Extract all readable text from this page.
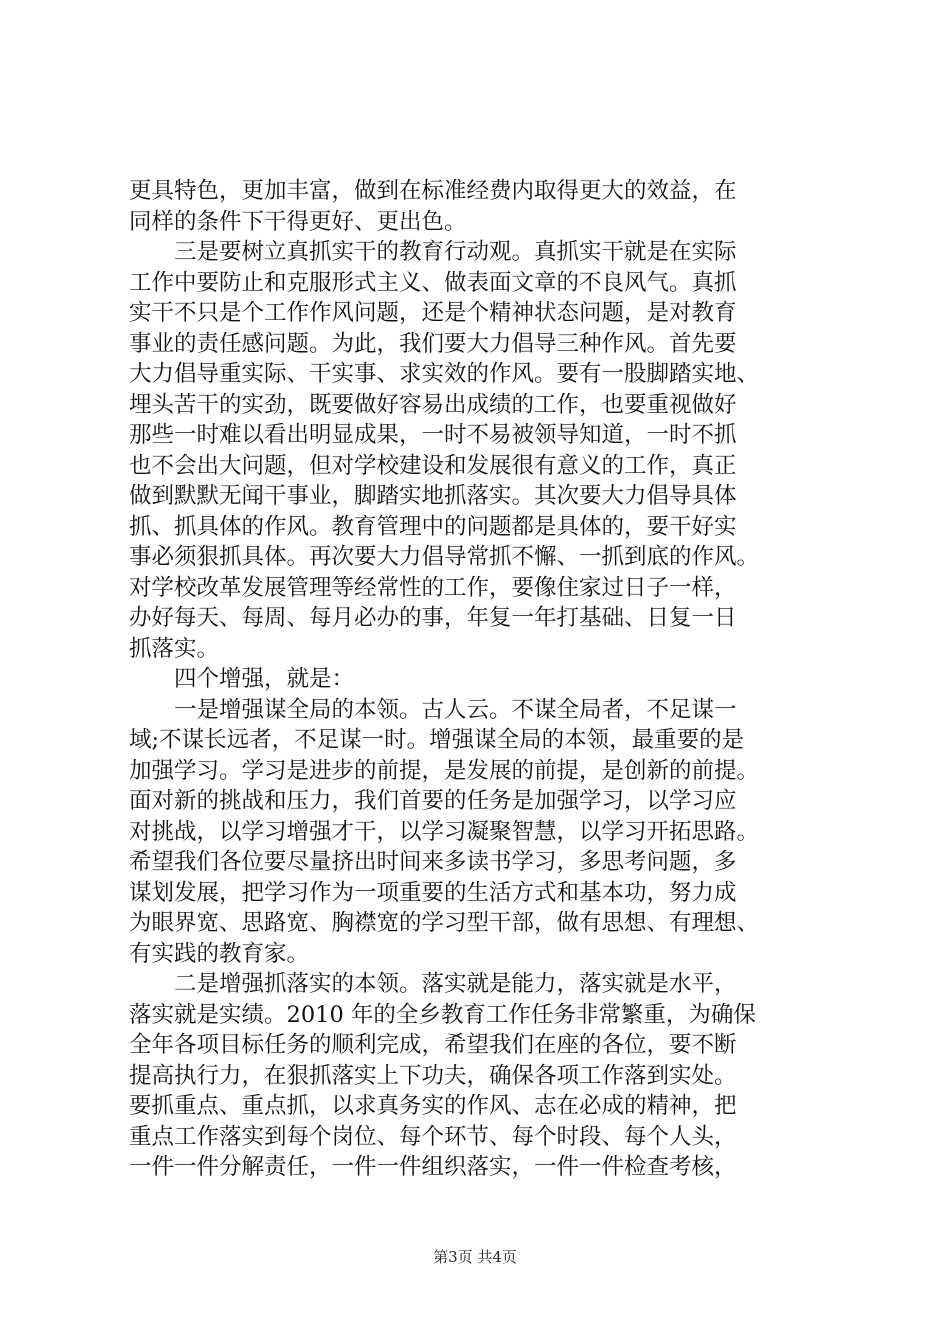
更具特色，更加丰富，做到在标准经费内取得更大的效益，在
同样的条件下干得更好、更出色。
　　三是要树立真抓实干的教育行动观。真抓实干就是在实际
工作中要防止和克服形式主义、做表面文章的不良风气。真抓
实干不只是个工作作风问题，还是个精神状态问题，是对教育
事业的责任感问题。为此，我们要大力倡导三种作风。首先要
大力倡导重实际、干实事、求实效的作风。要有一股脚踏实地、
埋头苦干的实劲，既要做好容易出成绩的工作，也要重视做好
那些一时难以看出明显成果，一时不易被领导知道，一时不抓
也不会出大问题，但对学校建设和发展很有意义的工作，真正
做到默默无闻干事业，脚踏实地抓落实。其次要大力倡导具体
抓、抓具体的作风。教育管理中的问题都是具体的，要干好实
事必须狠抓具体。再次要大力倡导常抓不懈、一抓到底的作风。
对学校改革发展管理等经常性的工作，要像住家过日子一样，
办好每天、每周、每月必办的事，年复一年打基础、日复一日
抓落实。
　　四个增强，就是：
　　一是增强谋全局的本领。古人云。不谋全局者，不足谋一
域;不谋长远者，不足谋一时。增强谋全局的本领，最重要的是
加强学习。学习是进步的前提，是发展的前提，是创新的前提。
面对新的挑战和压力，我们首要的任务是加强学习，以学习应
对挑战，以学习增强才干，以学习凝聚智慧，以学习开拓思路。
希望我们各位要尽量挤出时间来多读书学习，多思考问题，多
谋划发展，把学习作为一项重要的生活方式和基本功，努力成
为眼界宽、思路宽、胸襟宽的学习型干部，做有思想、有理想、
有实践的教育家。
　　二是增强抓落实的本领。落实就是能力，落实就是水平，
落实就是实绩。2010 年的全乡教育工作任务非常繁重，为确保
全年各项目标任务的顺利完成，希望我们在座的各位，要不断
提高执行力，在狠抓落实上下功夫，确保各项工作落到实处。
要抓重点、重点抓，以求真务实的作风、志在必成的精神，把
重点工作落实到每个岗位、每个环节、每个时段、每个人头，
一件一件分解责任，一件一件组织落实，一件一件检查考核，
第3页 共4页
